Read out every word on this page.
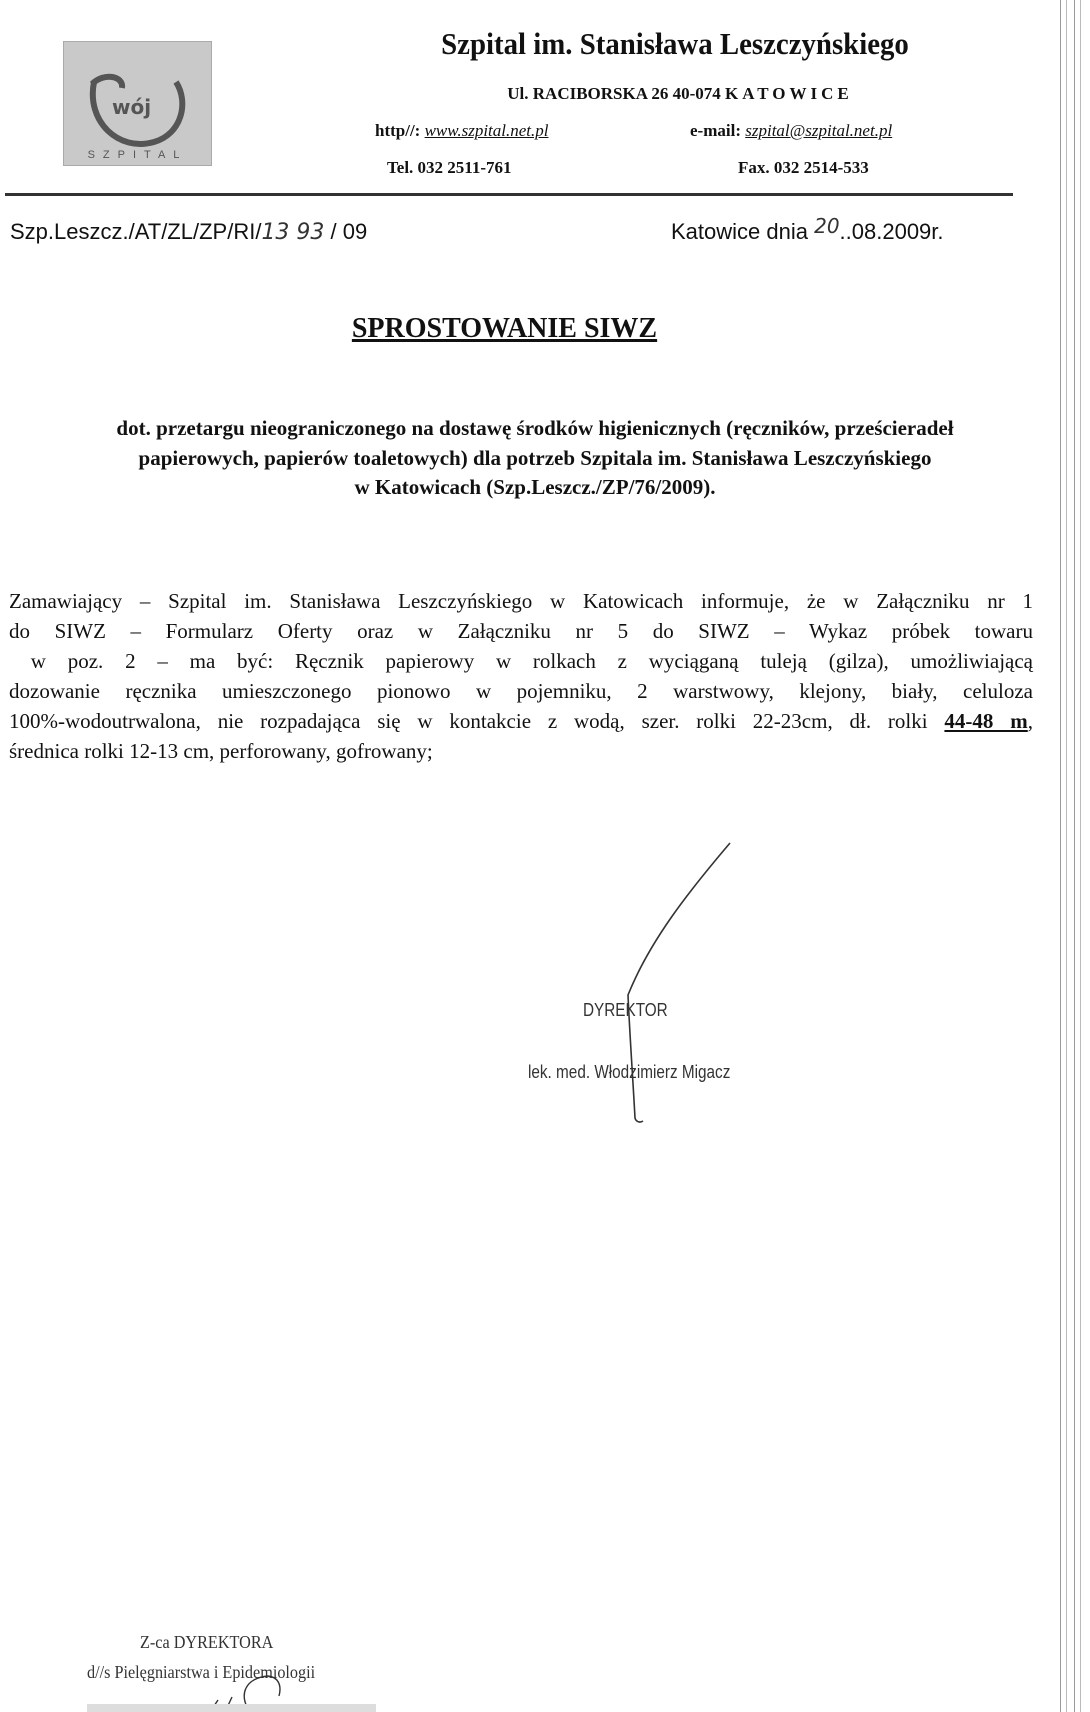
wój
SZPITAL
Szpital im. Stanisława Leszczyńskiego
Ul. RACIBORSKA 26 40-074 KATOWICE
http//: www.szpital.net.pl	e-mail: szpital@szpital.net.pl
Tel. 032 2511-761	Fax. 032 2514-533
Szp.Leszcz./AT/ZL/ZP/RI/13 93 / 09	Katowice dnia 20..08.2009r.
SPROSTOWANIE SIWZ
dot. przetargu nieograniczonego na dostawę środków higienicznych (ręczników, prześcieradeł
papierowych, papierów toaletowych) dla potrzeb Szpitala im. Stanisława Leszczyńskiego
w Katowicach (Szp.Leszcz./ZP/76/2009).
Zamawiający – Szpital im. Stanisława Leszczyńskiego w Katowicach informuje, że w Załączniku nr 1
do SIWZ – Formularz Oferty oraz w Załączniku nr 5 do SIWZ – Wykaz próbek towaru
w poz. 2 – ma być: Ręcznik papierowy w rolkach z wyciąganą tuleją (gilza), umożliwiającą
dozowanie ręcznika umieszczonego pionowo w pojemniku, 2 warstwowy, klejony, biały, celuloza
100%-wodoutrwalona, nie rozpadająca się w kontakcie z wodą, szer. rolki 22-23cm, dł. rolki 44-48 m,
średnica rolki 12-13 cm, perforowany, gofrowany;
DYREKTOR
lek. med. Włodzimierz Migacz
Z-ca DYREKTORA
d//s Pielęgniarstwa i Epidemiologii
